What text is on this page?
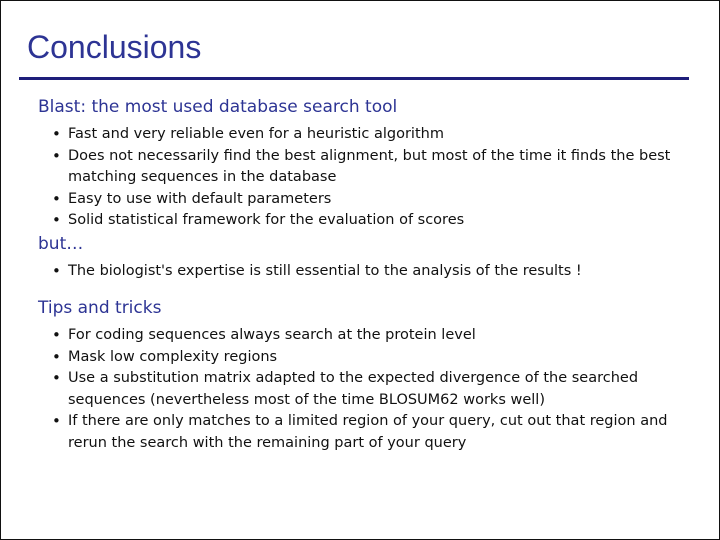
Conclusions

Blast: the most used database search tool

• Fast and very reliable even for a heuristic algorithm
• Does not necessarily find the best alignment, but most of the time it finds the best matching sequences in the database
• Easy to use with default parameters
• Solid statistical framework for the evaluation of scores

but…

• The biologist's expertise is still essential to the analysis of the results !

Tips and tricks

• For coding sequences always search at the protein level
• Mask low complexity regions
• Use a substitution matrix adapted to the expected divergence of the searched sequences (nevertheless most of the time BLOSUM62 works well)
• If there are only matches to a limited region of your query, cut out that region and rerun the search with the remaining part of your query
